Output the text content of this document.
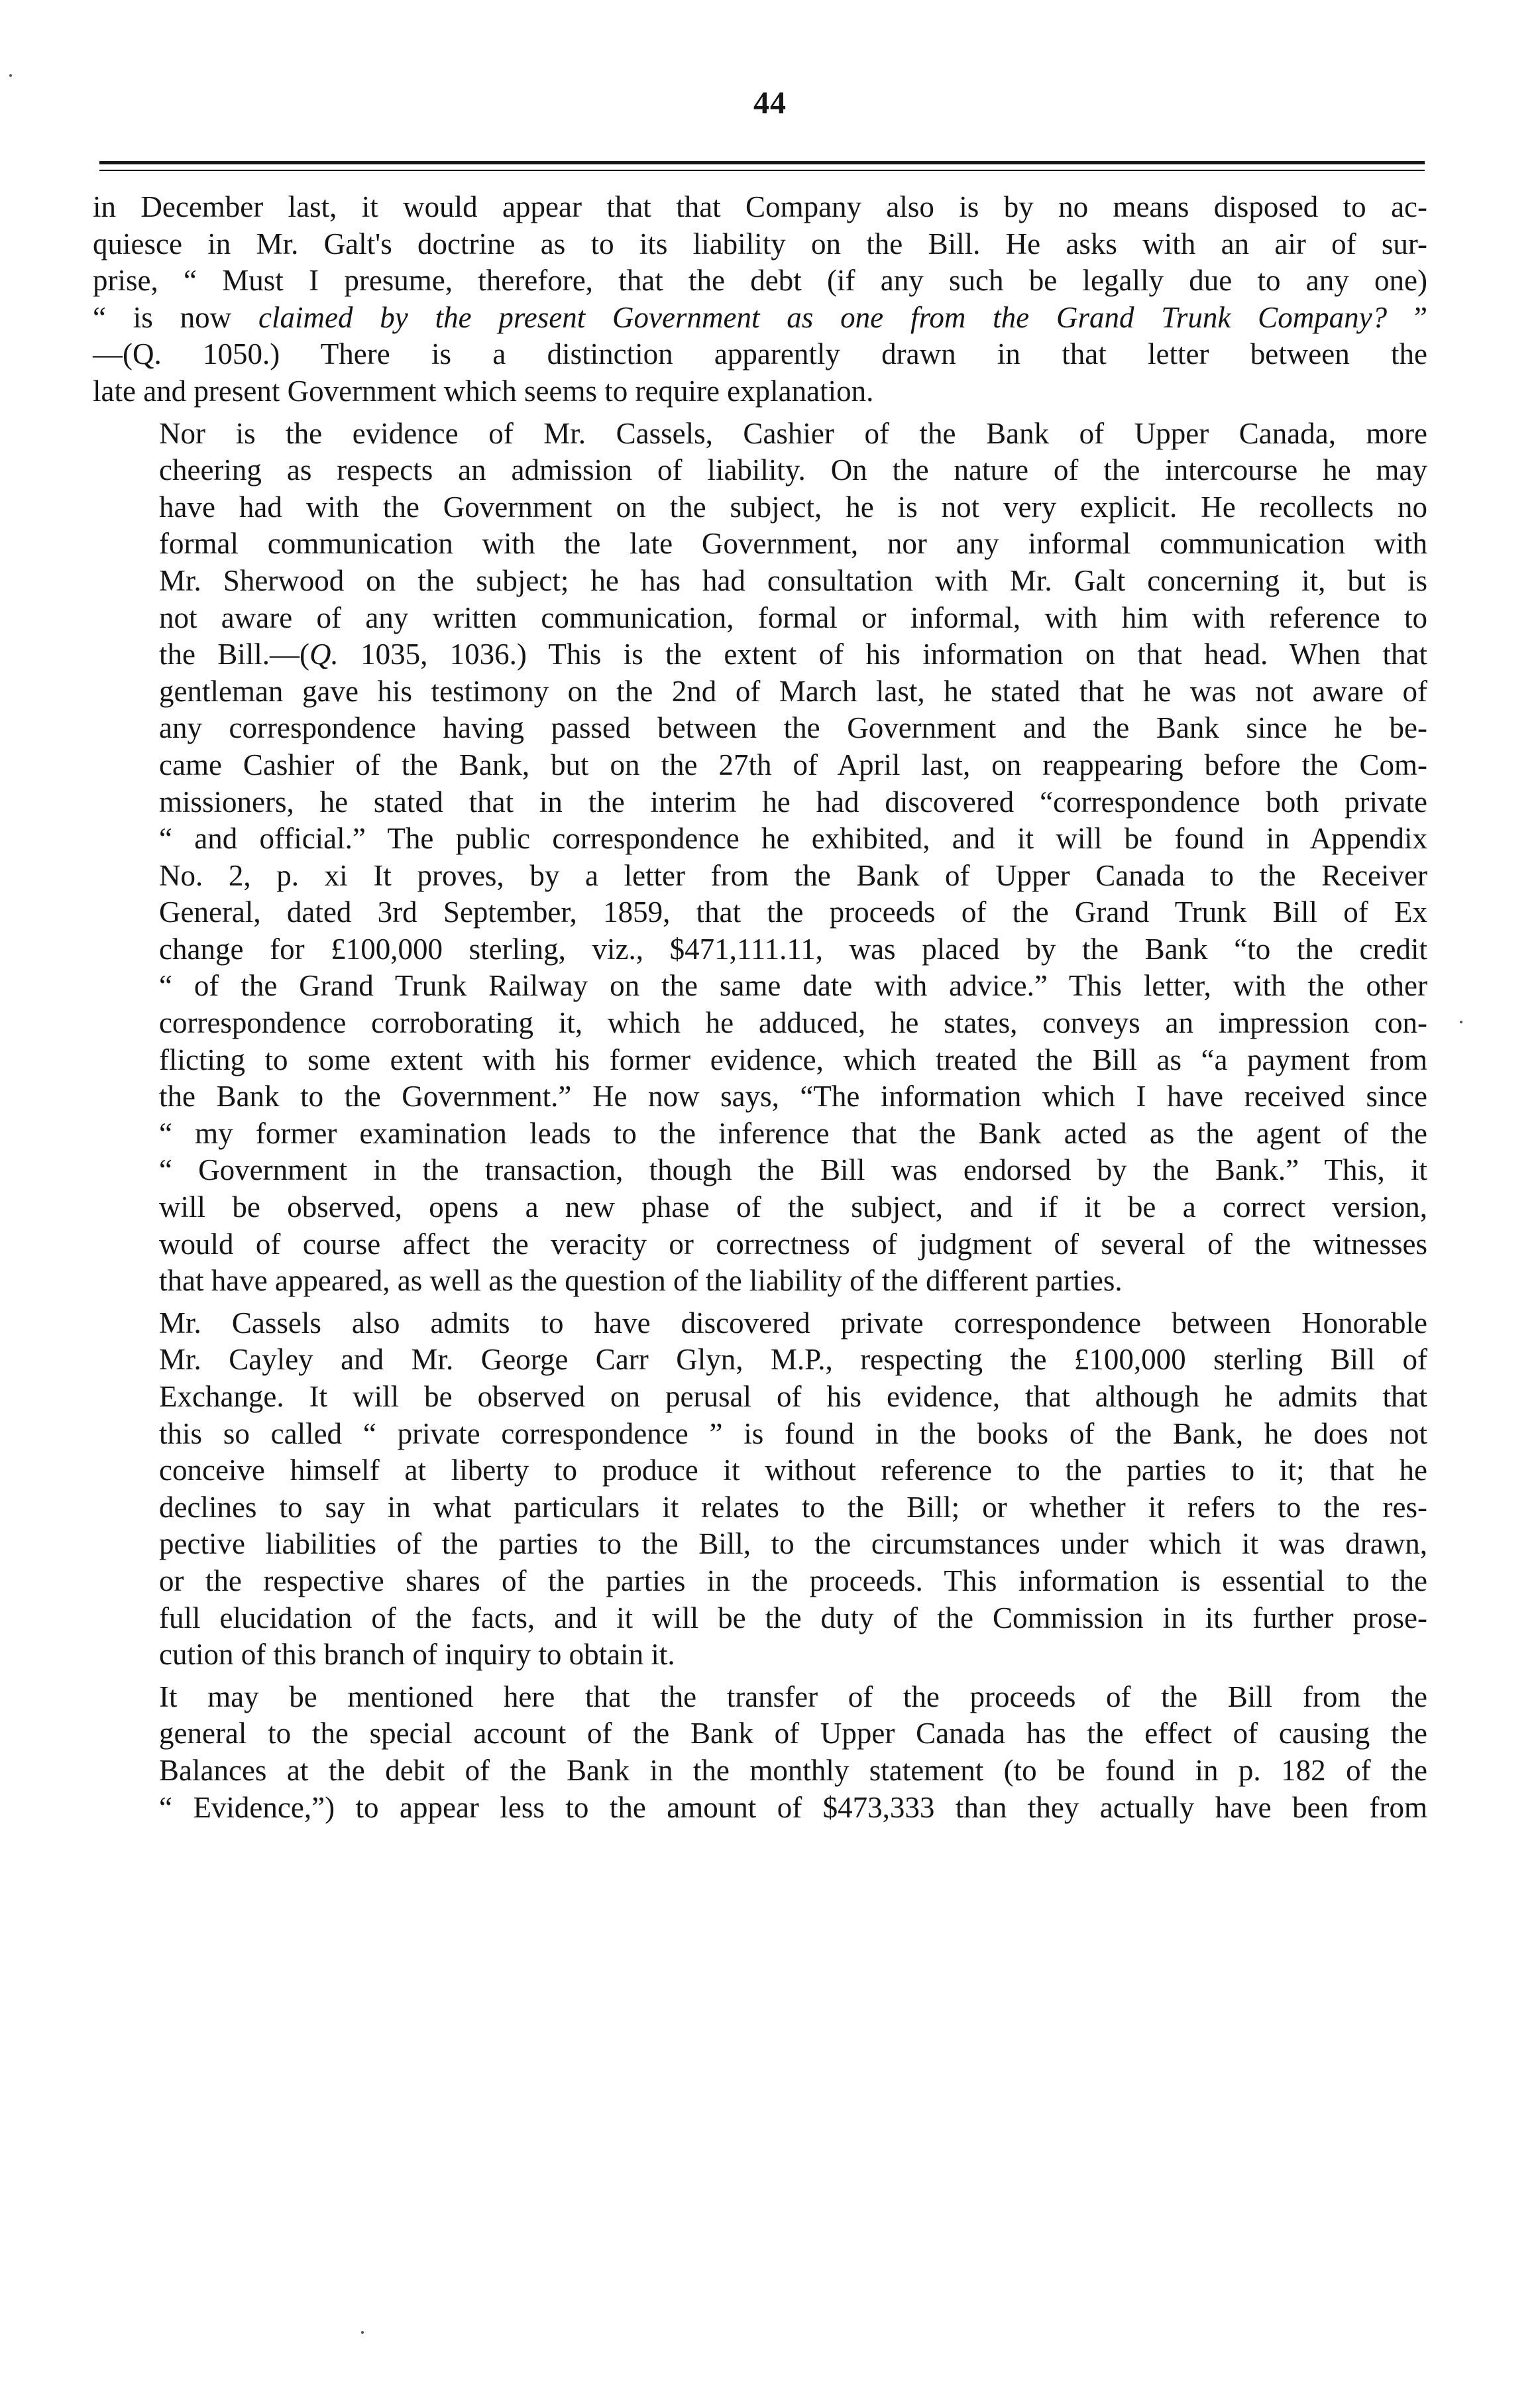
44

in December last, it would appear that that Company also is by no means disposed to ac-
quiesce in Mr. Galt's doctrine as to its liability on the Bill. He asks with an air of sur-
prise, “ Must I presume, therefore, that the debt (if any such be legally due to any one)
“ is now claimed by the present Government as one from the Grand Trunk Company? ”
—(Q. 1050.) There is a distinction apparently drawn in that letter between the
late and present Government which seems to require explanation.

Nor is the evidence of Mr. Cassels, Cashier of the Bank of Upper Canada, more
cheering as respects an admission of liability. On the nature of the intercourse he may
have had with the Government on the subject, he is not very explicit. He recollects no
formal communication with the late Government, nor any informal communication with
Mr. Sherwood on the subject; he has had consultation with Mr. Galt concerning it, but is
not aware of any written communication, formal or informal, with him with reference to
the Bill.—(Q. 1035, 1036.) This is the extent of his information on that head. When that
gentleman gave his testimony on the 2nd of March last, he stated that he was not aware of
any correspondence having passed between the Government and the Bank since he be-
came Cashier of the Bank, but on the 27th of April last, on reappearing before the Com-
missioners, he stated that in the interim he had discovered “correspondence both private
“ and official.” The public correspondence he exhibited, and it will be found in Appendix
No. 2, p. xi It proves, by a letter from the Bank of Upper Canada to the Receiver
General, dated 3rd September, 1859, that the proceeds of the Grand Trunk Bill of Ex
change for £100,000 sterling, viz., $471,111.11, was placed by the Bank “to the credit
“ of the Grand Trunk Railway on the same date with advice.” This letter, with the other
correspondence corroborating it, which he adduced, he states, conveys an impression con-
flicting to some extent with his former evidence, which treated the Bill as “a payment from
the Bank to the Government.” He now says, “The information which I have received since
“ my former examination leads to the inference that the Bank acted as the agent of the
“ Government in the transaction, though the Bill was endorsed by the Bank.” This, it
will be observed, opens a new phase of the subject, and if it be a correct version,
would of course affect the veracity or correctness of judgment of several of the witnesses
that have appeared, as well as the question of the liability of the different parties.

Mr. Cassels also admits to have discovered private correspondence between Honorable
Mr. Cayley and Mr. George Carr Glyn, M.P., respecting the £100,000 sterling Bill of
Exchange. It will be observed on perusal of his evidence, that although he admits that
this so called “ private correspondence ” is found in the books of the Bank, he does not
conceive himself at liberty to produce it without reference to the parties to it; that he
declines to say in what particulars it relates to the Bill; or whether it refers to the res-
pective liabilities of the parties to the Bill, to the circumstances under which it was drawn,
or the respective shares of the parties in the proceeds. This information is essential to the
full elucidation of the facts, and it will be the duty of the Commission in its further prose-
cution of this branch of inquiry to obtain it.

It may be mentioned here that the transfer of the proceeds of the Bill from the
general to the special account of the Bank of Upper Canada has the effect of causing the
Balances at the debit of the Bank in the monthly statement (to be found in p. 182 of the
“ Evidence,”) to appear less to the amount of $473,333 than they actually have been from
